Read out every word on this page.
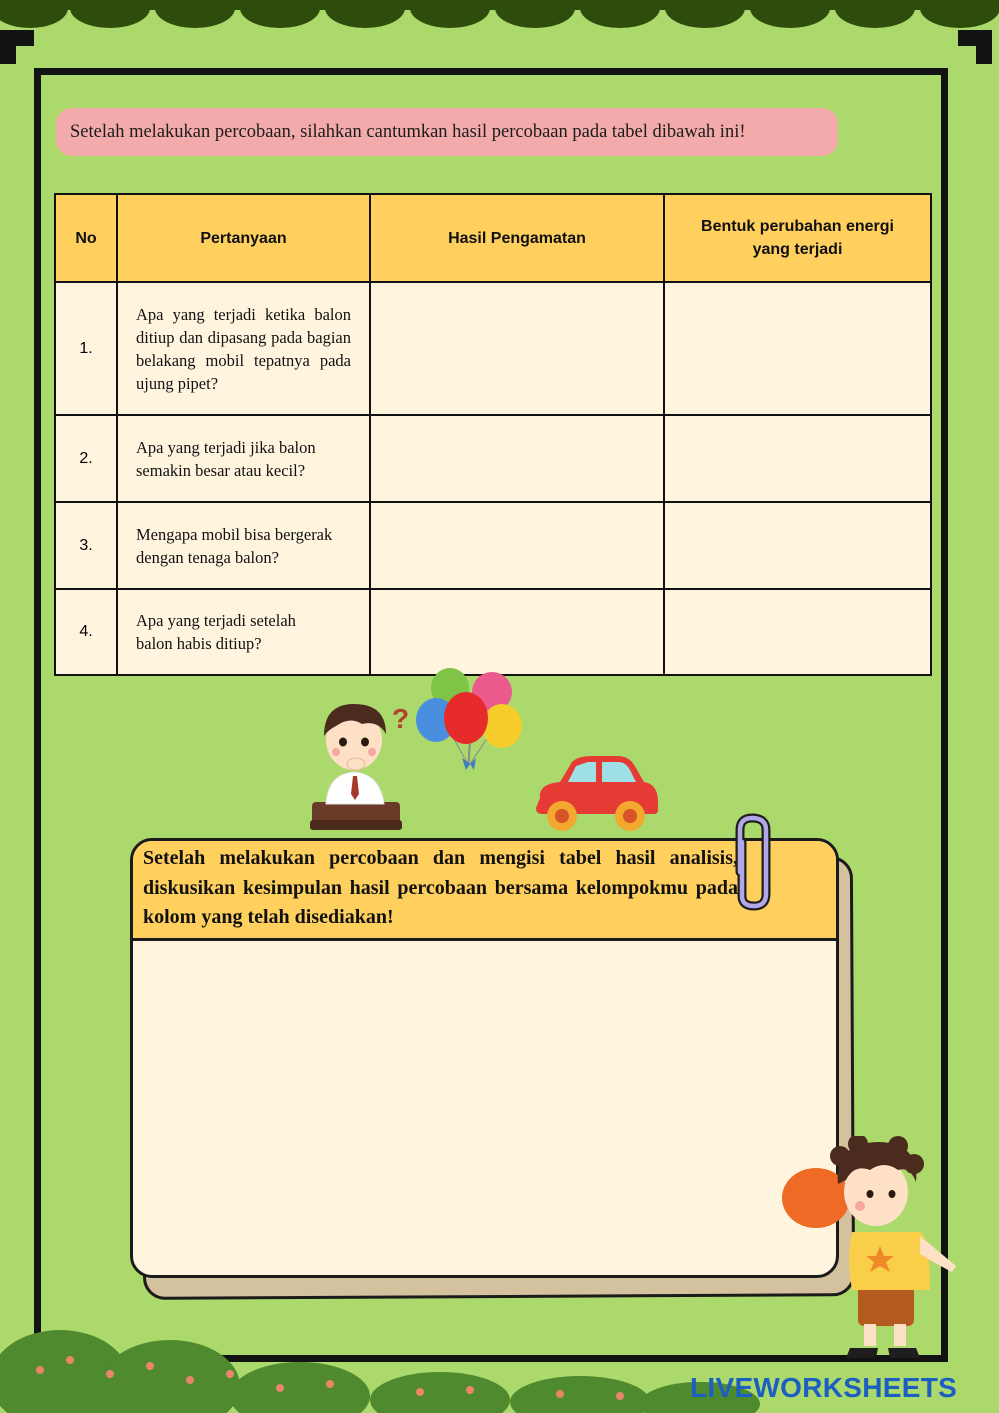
Setelah melakukan percobaan, silahkan cantumkan hasil percobaan pada tabel dibawah ini!
No	Pertanyaan	Hasil Pengamatan	Bentuk perubahan energi
yang terjadi
1.	Apa yang terjadi ketika balon ditiup dan dipasang pada bagian belakang mobil tepatnya pada ujung pipet?		
2.	Apa yang terjadi jika balon semakin besar atau kecil?		

3.	Mengapa mobil bisa bergerak dengan tenaga balon?		

4.	Apa yang terjadi setelah balon habis ditiup?		

?
Setelah melakukan percobaan dan mengisi tabel hasil analisis,
diskusikan kesimpulan hasil percobaan bersama kelompokmu pada
kolom yang telah disediakan!
LIVEWORKSHEETS
